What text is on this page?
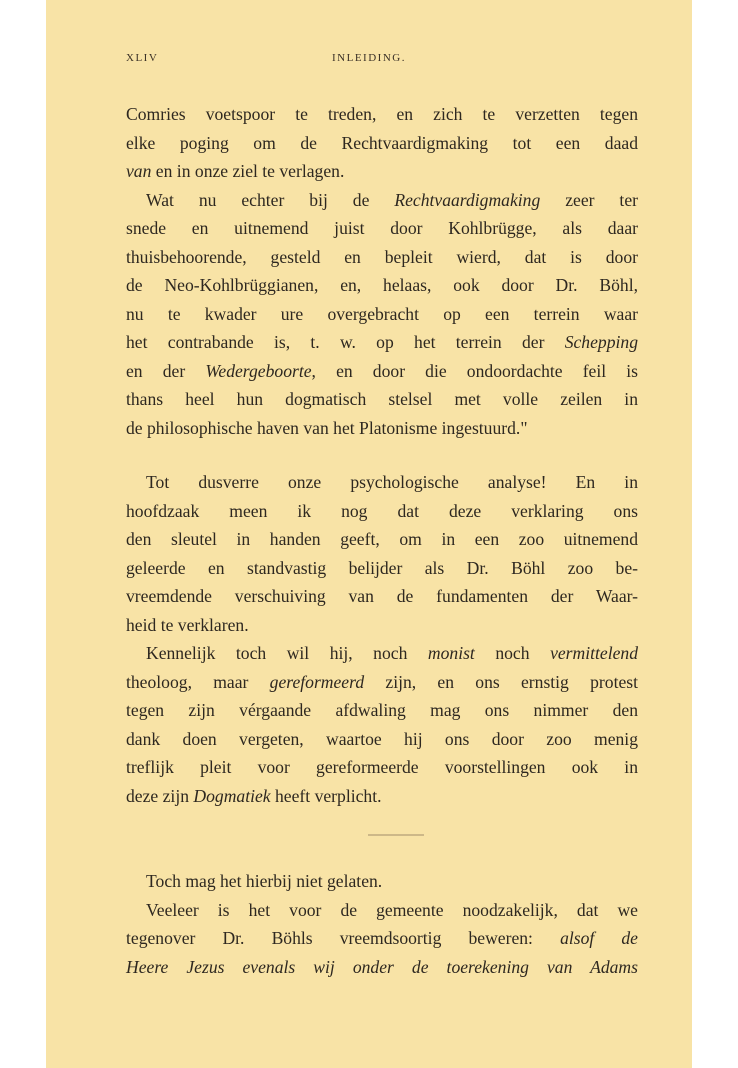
XLIV	INLEIDING.
Comries voetspoor te treden, en zich te verzetten tegen
elke poging om de Rechtvaardigmaking tot een daad
van en in onze ziel te verlagen.
Wat nu echter bij de Rechtvaardigmaking zeer ter
snede en uitnemend juist door Kohlbrügge, als daar
thuisbehoorende, gesteld en bepleit wierd, dat is door
de Neo-Kohlbrüggianen, en, helaas, ook door Dr. Böhl,
nu te kwader ure overgebracht op een terrein waar
het contrabande is, t. w. op het terrein der Schepping
en der Wedergeboorte, en door die ondoordachte feil is
thans heel hun dogmatisch stelsel met volle zeilen in
de philosophische haven van het Platonisme ingestuurd."
Tot dusverre onze psychologische analyse! En in
hoofdzaak meen ik nog dat deze verklaring ons
den sleutel in handen geeft, om in een zoo uitnemend
geleerde en standvastig belijder als Dr. Böhl zoo be-
vreemdende verschuiving van de fundamenten der Waar-
heid te verklaren.
Kennelijk toch wil hij, noch monist noch vermittelend
theoloog, maar gereformeerd zijn, en ons ernstig protest
tegen zijn vérgaande afdwaling mag ons nimmer den
dank doen vergeten, waartoe hij ons door zoo menig
treflijk pleit voor gereformeerde voorstellingen ook in
deze zijn Dogmatiek heeft verplicht.
Toch mag het hierbij niet gelaten.
Veeleer is het voor de gemeente noodzakelijk, dat we
tegenover Dr. Böhls vreemdsoortig beweren: alsof de
Heere Jezus evenals wij onder de toerekening van Adams
